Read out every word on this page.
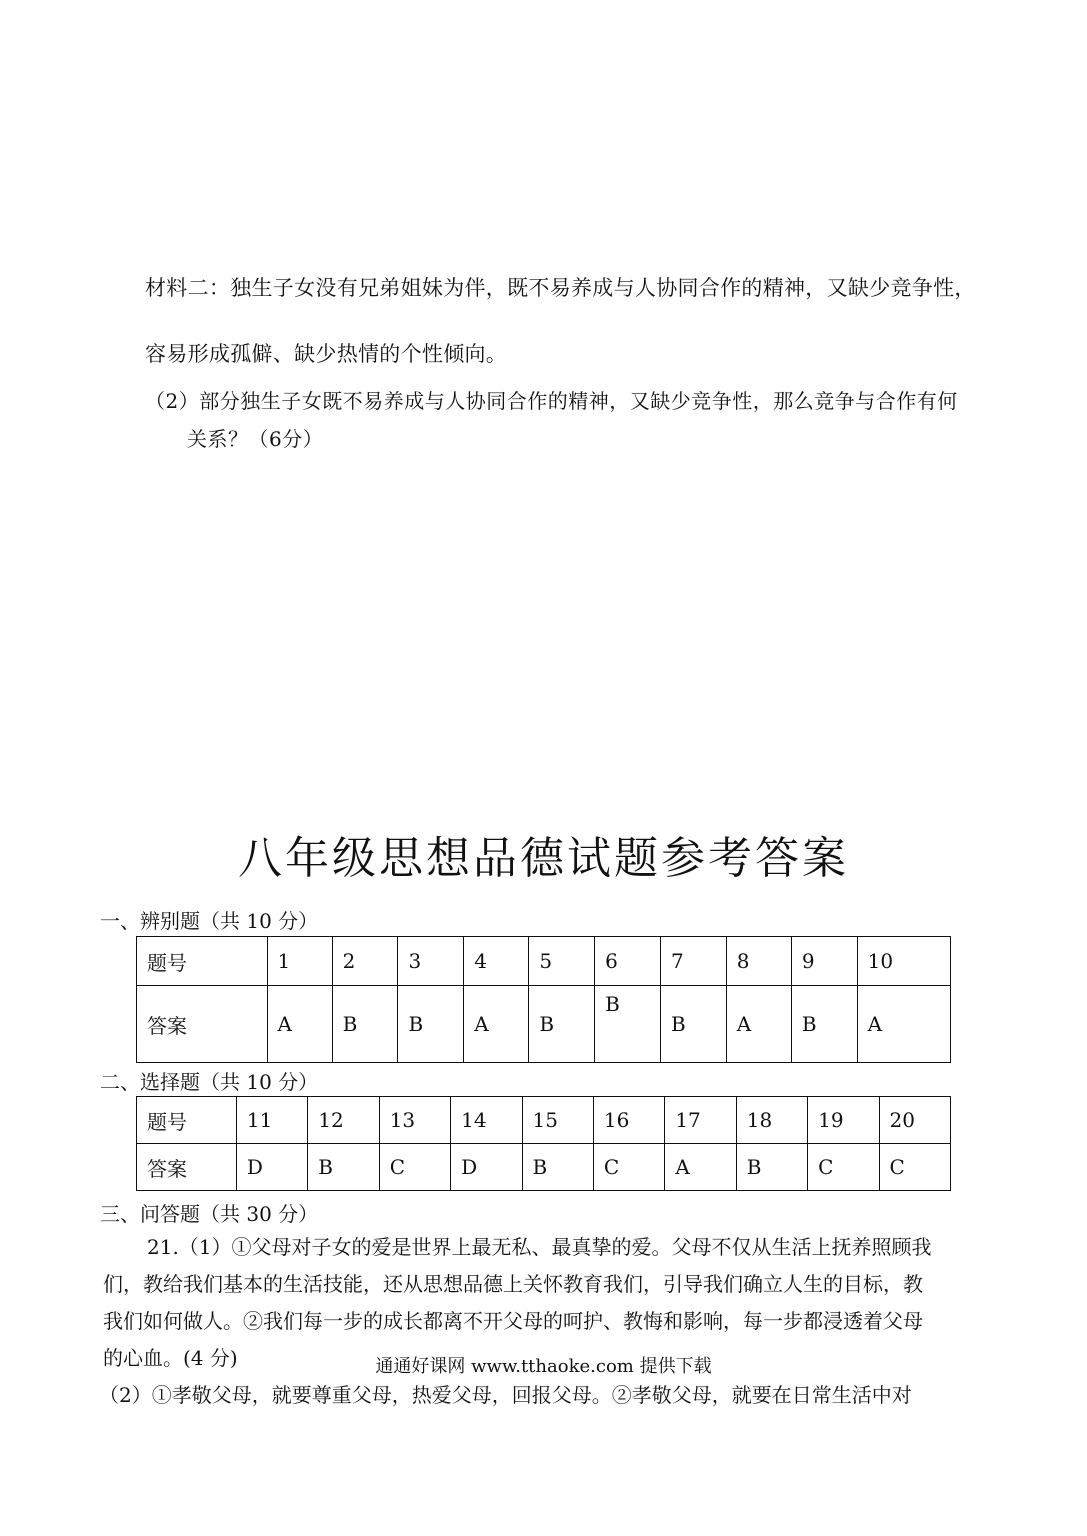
材料二：独生子女没有兄弟姐妹为伴，既不易养成与人协同合作的精神，又缺少竞争性，
容易形成孤僻、缺少热情的个性倾向。
（2）部分独生子女既不易养成与人协同合作的精神，又缺少竞争性，那么竞争与合作有何
关系？（6分）
八年级思想品德试题参考答案
一、辨别题（共 10 分）
题号	1	2	3	4	5	6	7	8	9	10
答案	A	B	B	A	B	B	B	A	B	A
二、选择题（共 10 分）
题号	11	12	13	14	15	16	17	18	19	20
答案	D	B	C	D	B	C	A	B	C	C
三、问答题（共 30 分）
21.（1）①父母对子女的爱是世界上最无私、最真挚的爱。父母不仅从生活上抚养照顾我
们，教给我们基本的生活技能，还从思想品德上关怀教育我们，引导我们确立人生的目标，教
我们如何做人。②我们每一步的成长都离不开父母的呵护、教悔和影响，每一步都浸透着父母
的心血。(4 分)
（2）①孝敬父母，就要尊重父母，热爱父母，回报父母。②孝敬父母，就要在日常生活中对
通通好课网 www.tthaoke.com 提供下载
